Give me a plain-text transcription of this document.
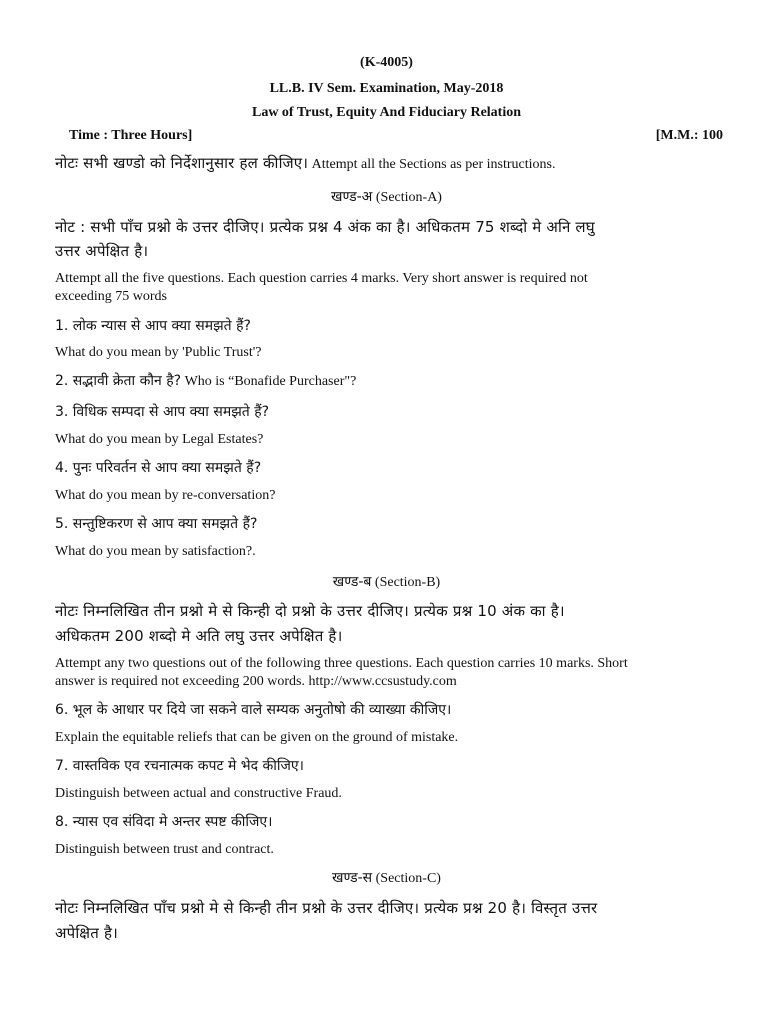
(K-4005)
LL.B. IV Sem. Examination, May-2018
Law of Trust, Equity And Fiduciary Relation
Time : Three Hours]	[M.M.: 100
नोटः सभी खण्डो को निर्देशानुसार हल कीजिए। Attempt all the Sections as per instructions.
खण्ड-अ (Section-A)
नोट : सभी पाँच प्रश्नो के उत्तर दीजिए। प्रत्येक प्रश्न 4 अंक का है। अधिकतम 75 शब्दो मे अनि लघु
उत्तर अपेक्षित है।
Attempt all the five questions. Each question carries 4 marks. Very short answer is required not
exceeding 75 words
1. लोक न्यास से आप क्या समझते हैं?
What do you mean by 'Public Trust'?
2. सद्भावी क्रेता कौन है? Who is “Bonafide Purchaser"?
3. विधिक सम्पदा से आप क्या समझते हैं?
What do you mean by Legal Estates?
4. पुनः परिवर्तन से आप क्या समझते हैं?
What do you mean by re-conversation?
5. सन्तुष्टिकरण से आप क्या समझते हैं?
What do you mean by satisfaction?.
खण्ड-ब (Section-B)
नोटः निम्नलिखित तीन प्रश्नो मे से किन्ही दो प्रश्नो के उत्तर दीजिए। प्रत्येक प्रश्न 10 अंक का है।
अधिकतम 200 शब्दो मे अति लघु उत्तर अपेक्षित है।
Attempt any two questions out of the following three questions. Each question carries 10 marks. Short
answer is required not exceeding 200 words. http://www.ccsustudy.com
6. भूल के आधार पर दिये जा सकने वाले सम्यक अनुतोषो की व्याख्या कीजिए।
Explain the equitable reliefs that can be given on the ground of mistake.
7. वास्तविक एव रचनात्मक कपट मे भेद कीजिए।
Distinguish between actual and constructive Fraud.
8. न्यास एव संविदा मे अन्तर स्पष्ट कीजिए।
Distinguish between trust and contract.
खण्ड-स (Section-C)
नोटः निम्नलिखित पाँच प्रश्नो मे से किन्ही तीन प्रश्नो के उत्तर दीजिए। प्रत्येक प्रश्न 20 है। विस्तृत उत्तर
अपेक्षित है।
